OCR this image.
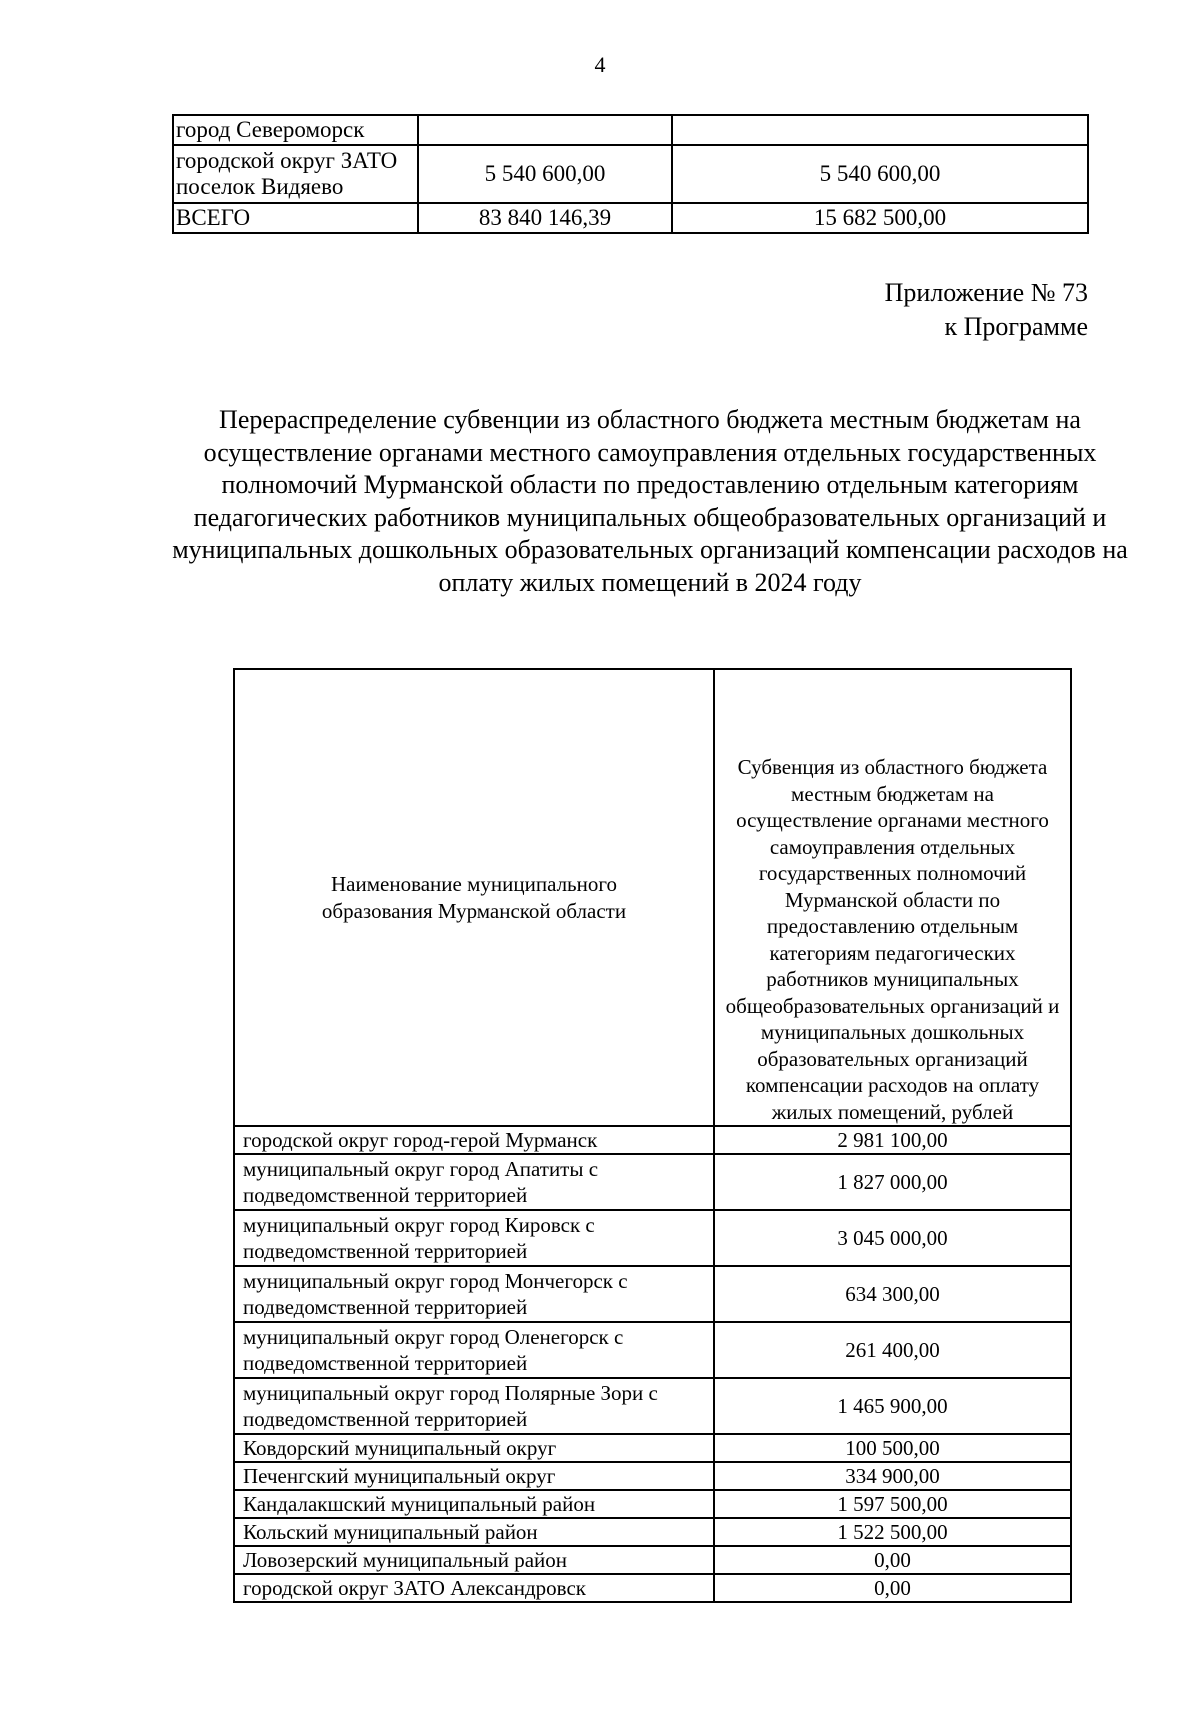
4
город Североморск		
городской округ ЗАТО поселок Видяево	5 540 600,00	5 540 600,00
ВСЕГО	83 840 146,39	15 682 500,00
Приложение № 73
к Программе
Перераспределение субвенции из областного бюджета местным бюджетам на осуществление органами местного самоуправления отдельных государственных полномочий Мурманской области по предоставлению отдельным категориям педагогических работников муниципальных общеобразовательных организаций и муниципальных дошкольных образовательных организаций компенсации расходов на оплату жилых помещений в 2024 году
Наименование муниципального образования Мурманской области	Субвенция из областного бюджета местным бюджетам на осуществление органами местного самоуправления отдельных государственных полномочий Мурманской области по предоставлению отдельным категориям педагогических работников муниципальных общеобразовательных организаций и муниципальных дошкольных образовательных организаций компенсации расходов на оплату жилых помещений, рублей
городской округ город-герой Мурманск	2 981 100,00
муниципальный округ город Апатиты с подведомственной территорией	1 827 000,00
муниципальный округ город Кировск с подведомственной территорией	3 045 000,00
муниципальный округ город Мончегорск с подведомственной территорией	634 300,00
муниципальный округ город Оленегорск с подведомственной территорией	261 400,00
муниципальный округ город Полярные Зори с подведомственной территорией	1 465 900,00
Ковдорский муниципальный округ	100 500,00
Печенгский муниципальный округ	334 900,00
Кандалакшский муниципальный район	1 597 500,00
Кольский муниципальный район	1 522 500,00
Ловозерский муниципальный район	0,00
городской округ ЗАТО Александровск	0,00
